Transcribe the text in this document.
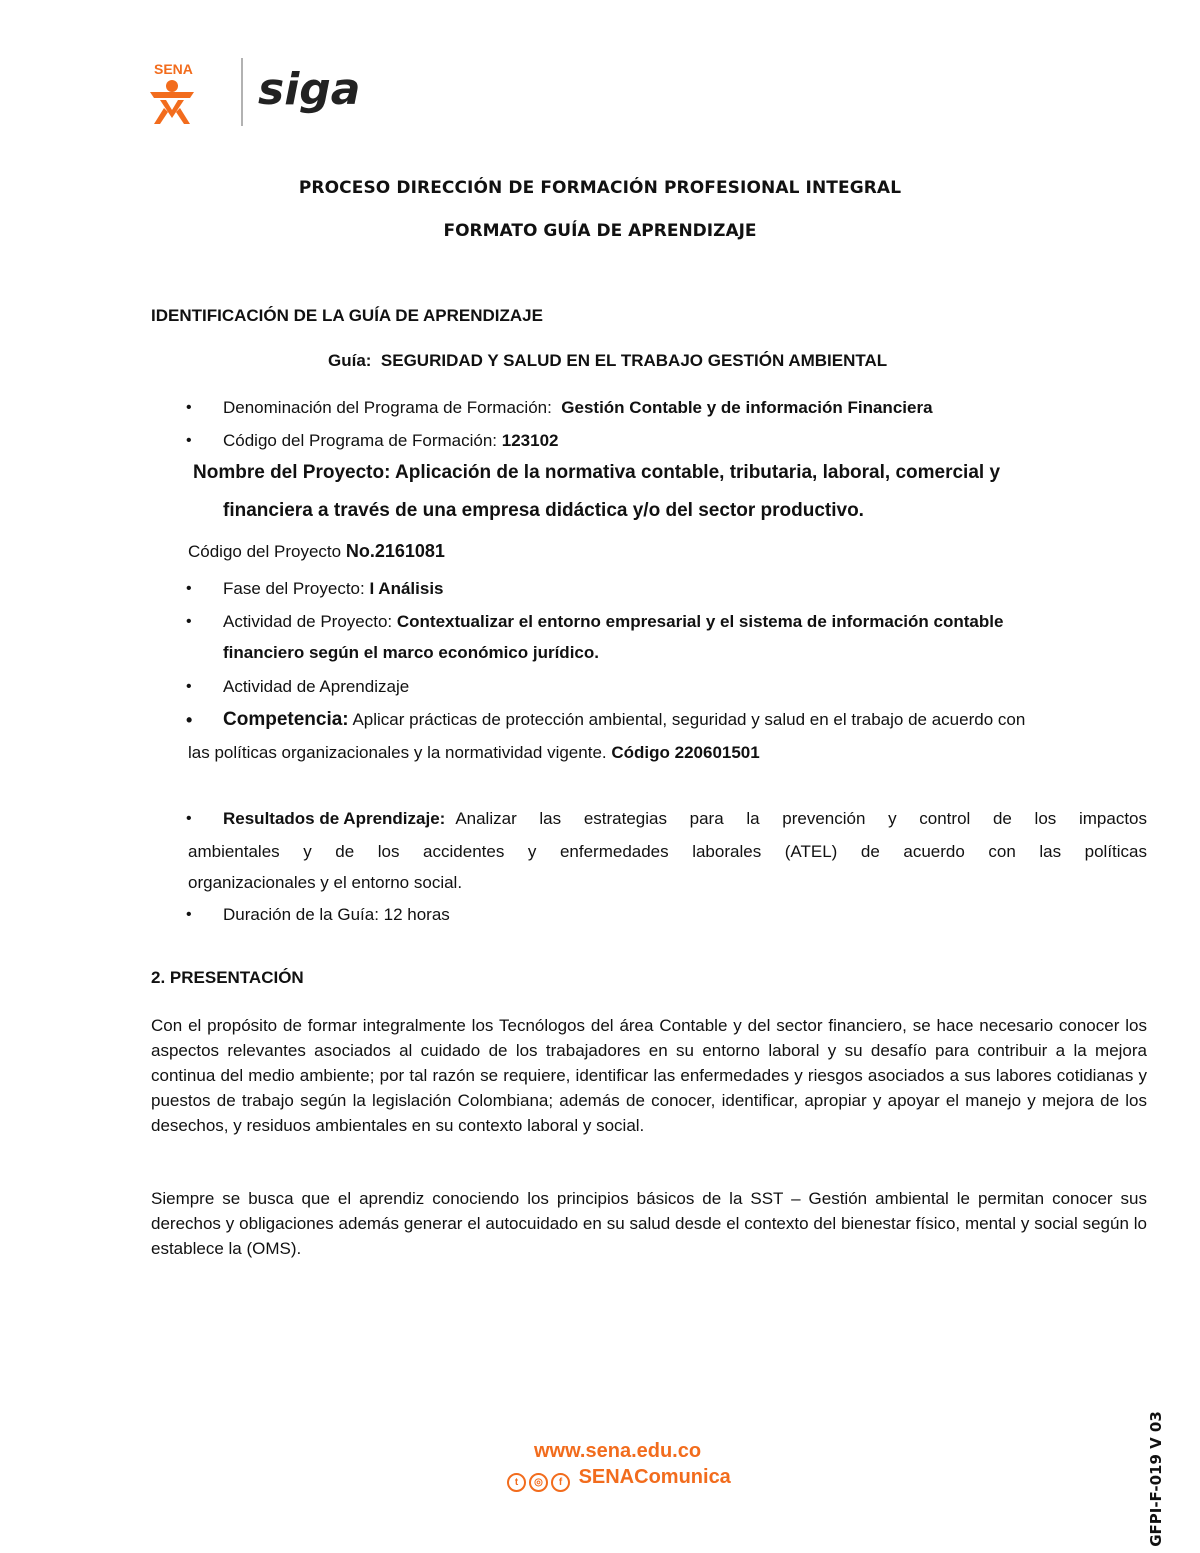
SENA siga
PROCESO DIRECCIÓN DE FORMACIÓN PROFESIONAL INTEGRAL
FORMATO GUÍA DE APRENDIZAJE
IDENTIFICACIÓN DE LA GUÍA DE APRENDIZAJE
Guía: SEGURIDAD Y SALUD EN EL TRABAJO GESTIÓN AMBIENTAL
• Denominación del Programa de Formación: Gestión Contable y de información Financiera
• Código del Programa de Formación: 123102
Nombre del Proyecto: Aplicación de la normativa contable, tributaria, laboral, comercial y
financiera a través de una empresa didáctica y/o del sector productivo.
Código del Proyecto No.2161081
• Fase del Proyecto: I Análisis
• Actividad de Proyecto: Contextualizar el entorno empresarial y el sistema de información contable
financiero según el marco económico jurídico.
• Actividad de Aprendizaje
• Competencia: Aplicar prácticas de protección ambiental, seguridad y salud en el trabajo de acuerdo con
las políticas organizacionales y la normatividad vigente. Código 220601501
• Resultados de Aprendizaje: Analizar las estrategias para la prevención y control de los impactos
ambientales y de los accidentes y enfermedades laborales (ATEL) de acuerdo con las políticas
organizacionales y el entorno social.
• Duración de la Guía: 12 horas
2. PRESENTACIÓN
Con el propósito de formar integralmente los Tecnólogos del área Contable y del sector financiero, se hace necesario conocer los aspectos relevantes asociados al cuidado de los trabajadores en su entorno laboral y su desafío para contribuir a la mejora continua del medio ambiente; por tal razón se requiere, identificar las enfermedades y riesgos asociados a sus labores cotidianas y puestos de trabajo según la legislación Colombiana; además de conocer, identificar, apropiar y apoyar el manejo y mejora de los desechos, y residuos ambientales en su contexto laboral y social.
Siempre se busca que el aprendiz conociendo los principios básicos de la SST – Gestión ambiental le permitan conocer sus derechos y obligaciones además generar el autocuidado en su salud desde el contexto del bienestar físico, mental y social según lo establece la (OMS).
www.sena.edu.co
t ◎ f SENAComunica	GFPI-F-019 V 03
